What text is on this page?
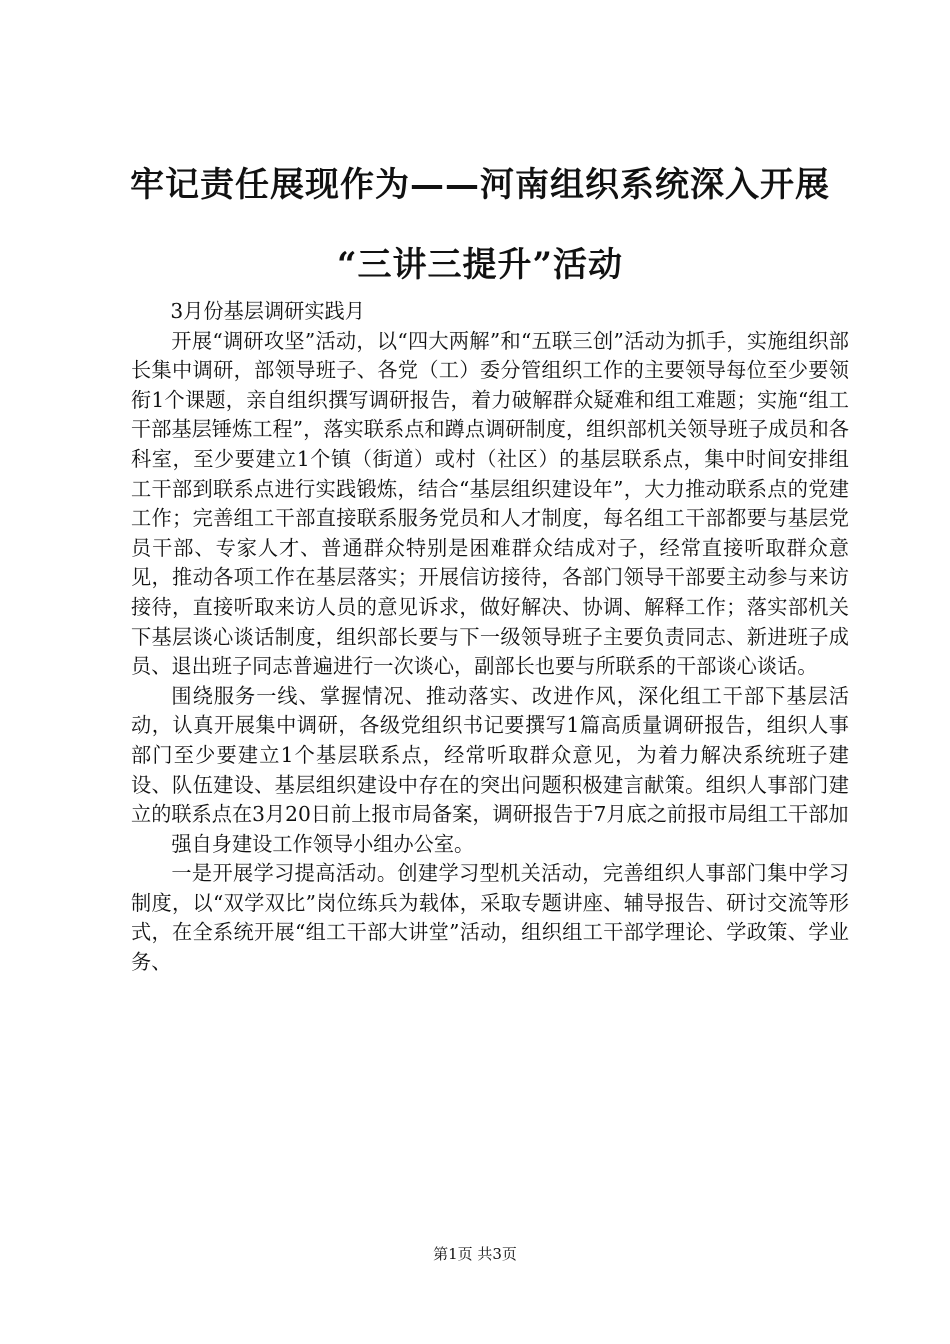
牢记责任展现作为——河南组织系统深入开展
“三讲三提升”活动

3月份基层调研实践月

开展“调研攻坚”活动，以“四大两解”和“五联三创”活动为抓手，实施组织部长集中调研，部领导班子、各党（工）委分管组织工作的主要领导每位至少要领衔1个课题，亲自组织撰写调研报告，着力破解群众疑难和组工难题；实施“组工干部基层锤炼工程”，落实联系点和蹲点调研制度，组织部机关领导班子成员和各科室，至少要建立1个镇（街道）或村（社区）的基层联系点，集中时间安排组工干部到联系点进行实践锻炼，结合“基层组织建设年”，大力推动联系点的党建工作；完善组工干部直接联系服务党员和人才制度，每名组工干部都要与基层党员干部、专家人才、普通群众特别是困难群众结成对子，经常直接听取群众意见，推动各项工作在基层落实；开展信访接待，各部门领导干部要主动参与来访接待，直接听取来访人员的意见诉求，做好解决、协调、解释工作；落实部机关下基层谈心谈话制度，组织部长要与下一级领导班子主要负责同志、新进班子成员、退出班子同志普遍进行一次谈心，副部长也要与所联系的干部谈心谈话。

围绕服务一线、掌握情况、推动落实、改进作风，深化组工干部下基层活动，认真开展集中调研，各级党组织书记要撰写1篇高质量调研报告，组织人事部门至少要建立1个基层联系点，经常听取群众意见，为着力解决系统班子建设、队伍建设、基层组织建设中存在的突出问题积极建言献策。组织人事部门建立的联系点在3月20日前上报市局备案，调研报告于7月底之前报市局组工干部加

强自身建设工作领导小组办公室。

一是开展学习提高活动。创建学习型机关活动，完善组织人事部门集中学习制度，以“双学双比”岗位练兵为载体，采取专题讲座、辅导报告、研讨交流等形式，在全系统开展“组工干部大讲堂”活动，组织组工干部学理论、学政策、学业务、

第1页 共3页
